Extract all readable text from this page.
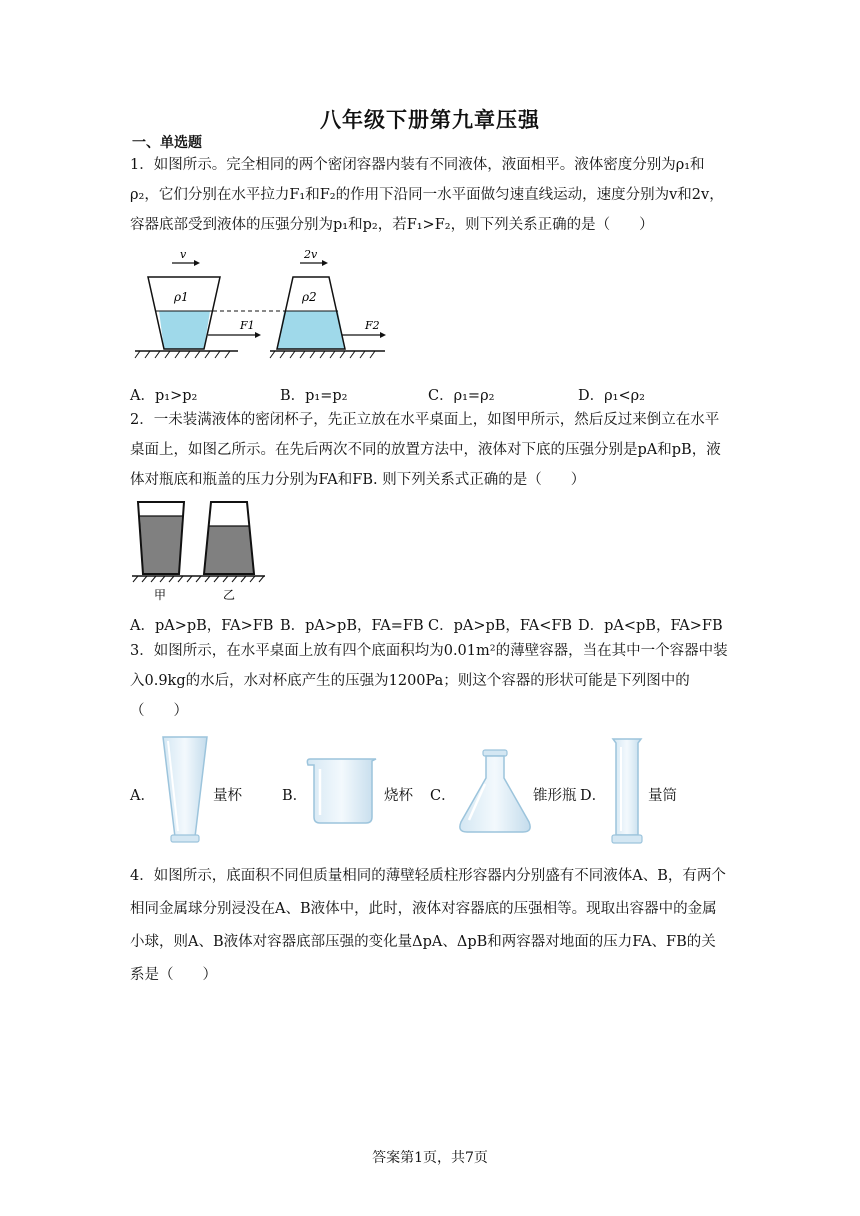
八年级下册第九章压强
一、单选题
1．如图所示。完全相同的两个密闭容器内装有不同液体，液面相平。液体密度分别为ρ₁和ρ₂，它们分别在水平拉力F₁和F₂的作用下沿同一水平面做匀速直线运动，速度分别为v和2v，容器底部受到液体的压强分别为p₁和p₂，若F₁>F₂，则下列关系正确的是（　　）
v	2v
ρ1	ρ2
F1	F2
A．p₁>p₂	B．p₁=p₂	C．ρ₁=ρ₂	D．ρ₁<ρ₂
2．一未装满液体的密闭杯子，先正立放在水平桌面上，如图甲所示，然后反过来倒立在水平桌面上，如图乙所示。在先后两次不同的放置方法中，液体对下底的压强分别是pA和pB，液体对瓶底和瓶盖的压力分别为FA和FB. 则下列关系式正确的是（　　）
甲	乙
A．pA>pB，FA>FB B．pA>pB，FA=FB C．pA>pB，FA<FB D．pA<pB，FA>FB
3．如图所示，在水平桌面上放有四个底面积均为0.01m²的薄壁容器，当在其中一个容器中装入0.9kg的水后，水对杯底产生的压强为1200Pa；则这个容器的形状可能是下列图中的（　　）
A．	量杯	B．	烧杯 C．	锥形瓶 D．	量筒
4．如图所示，底面积不同但质量相同的薄壁轻质柱形容器内分别盛有不同液体A、B，有两个相同金属球分别浸没在A、B液体中，此时，液体对容器底的压强相等。现取出容器中的金属小球，则A、B液体对容器底部压强的变化量ΔpA、ΔpB和两容器对地面的压力FA、FB的关系是（　　）
答案第1页，共7页
